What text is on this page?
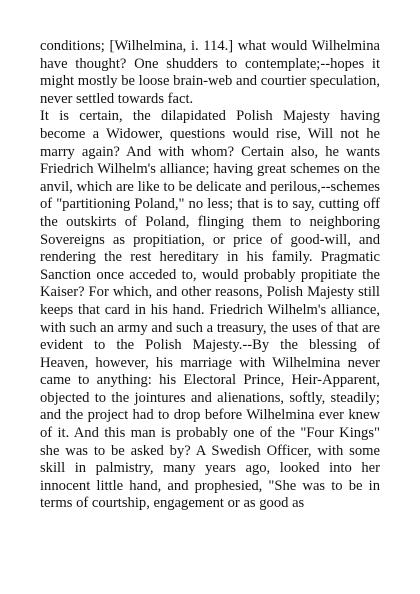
conditions; [Wilhelmina, i. 114.] what would Wilhelmina have thought? One shudders to contemplate;--hopes it might mostly be loose brain-web and courtier speculation, never settled towards fact.

It is certain, the dilapidated Polish Majesty having become a Widower, questions would rise, Will not he marry again? And with whom? Certain also, he wants Friedrich Wilhelm's alliance; having great schemes on the anvil, which are like to be delicate and perilous,--schemes of "partitioning Poland," no less; that is to say, cutting off the outskirts of Poland, flinging them to neighboring Sovereigns as propitiation, or price of good-will, and rendering the rest hereditary in his family. Pragmatic Sanction once acceded to, would probably propitiate the Kaiser? For which, and other reasons, Polish Majesty still keeps that card in his hand. Friedrich Wilhelm's alliance, with such an army and such a treasury, the uses of that are evident to the Polish Majesty.--By the blessing of Heaven, however, his marriage with Wilhelmina never came to anything: his Electoral Prince, Heir-Apparent, objected to the jointures and alienations, softly, steadily; and the project had to drop before Wilhelmina ever knew of it. And this man is probably one of the "Four Kings" she was to be asked by? A Swedish Officer, with some skill in palmistry, many years ago, looked into her innocent little hand, and prophesied, "She was to be in terms of courtship, engagement or as good as
